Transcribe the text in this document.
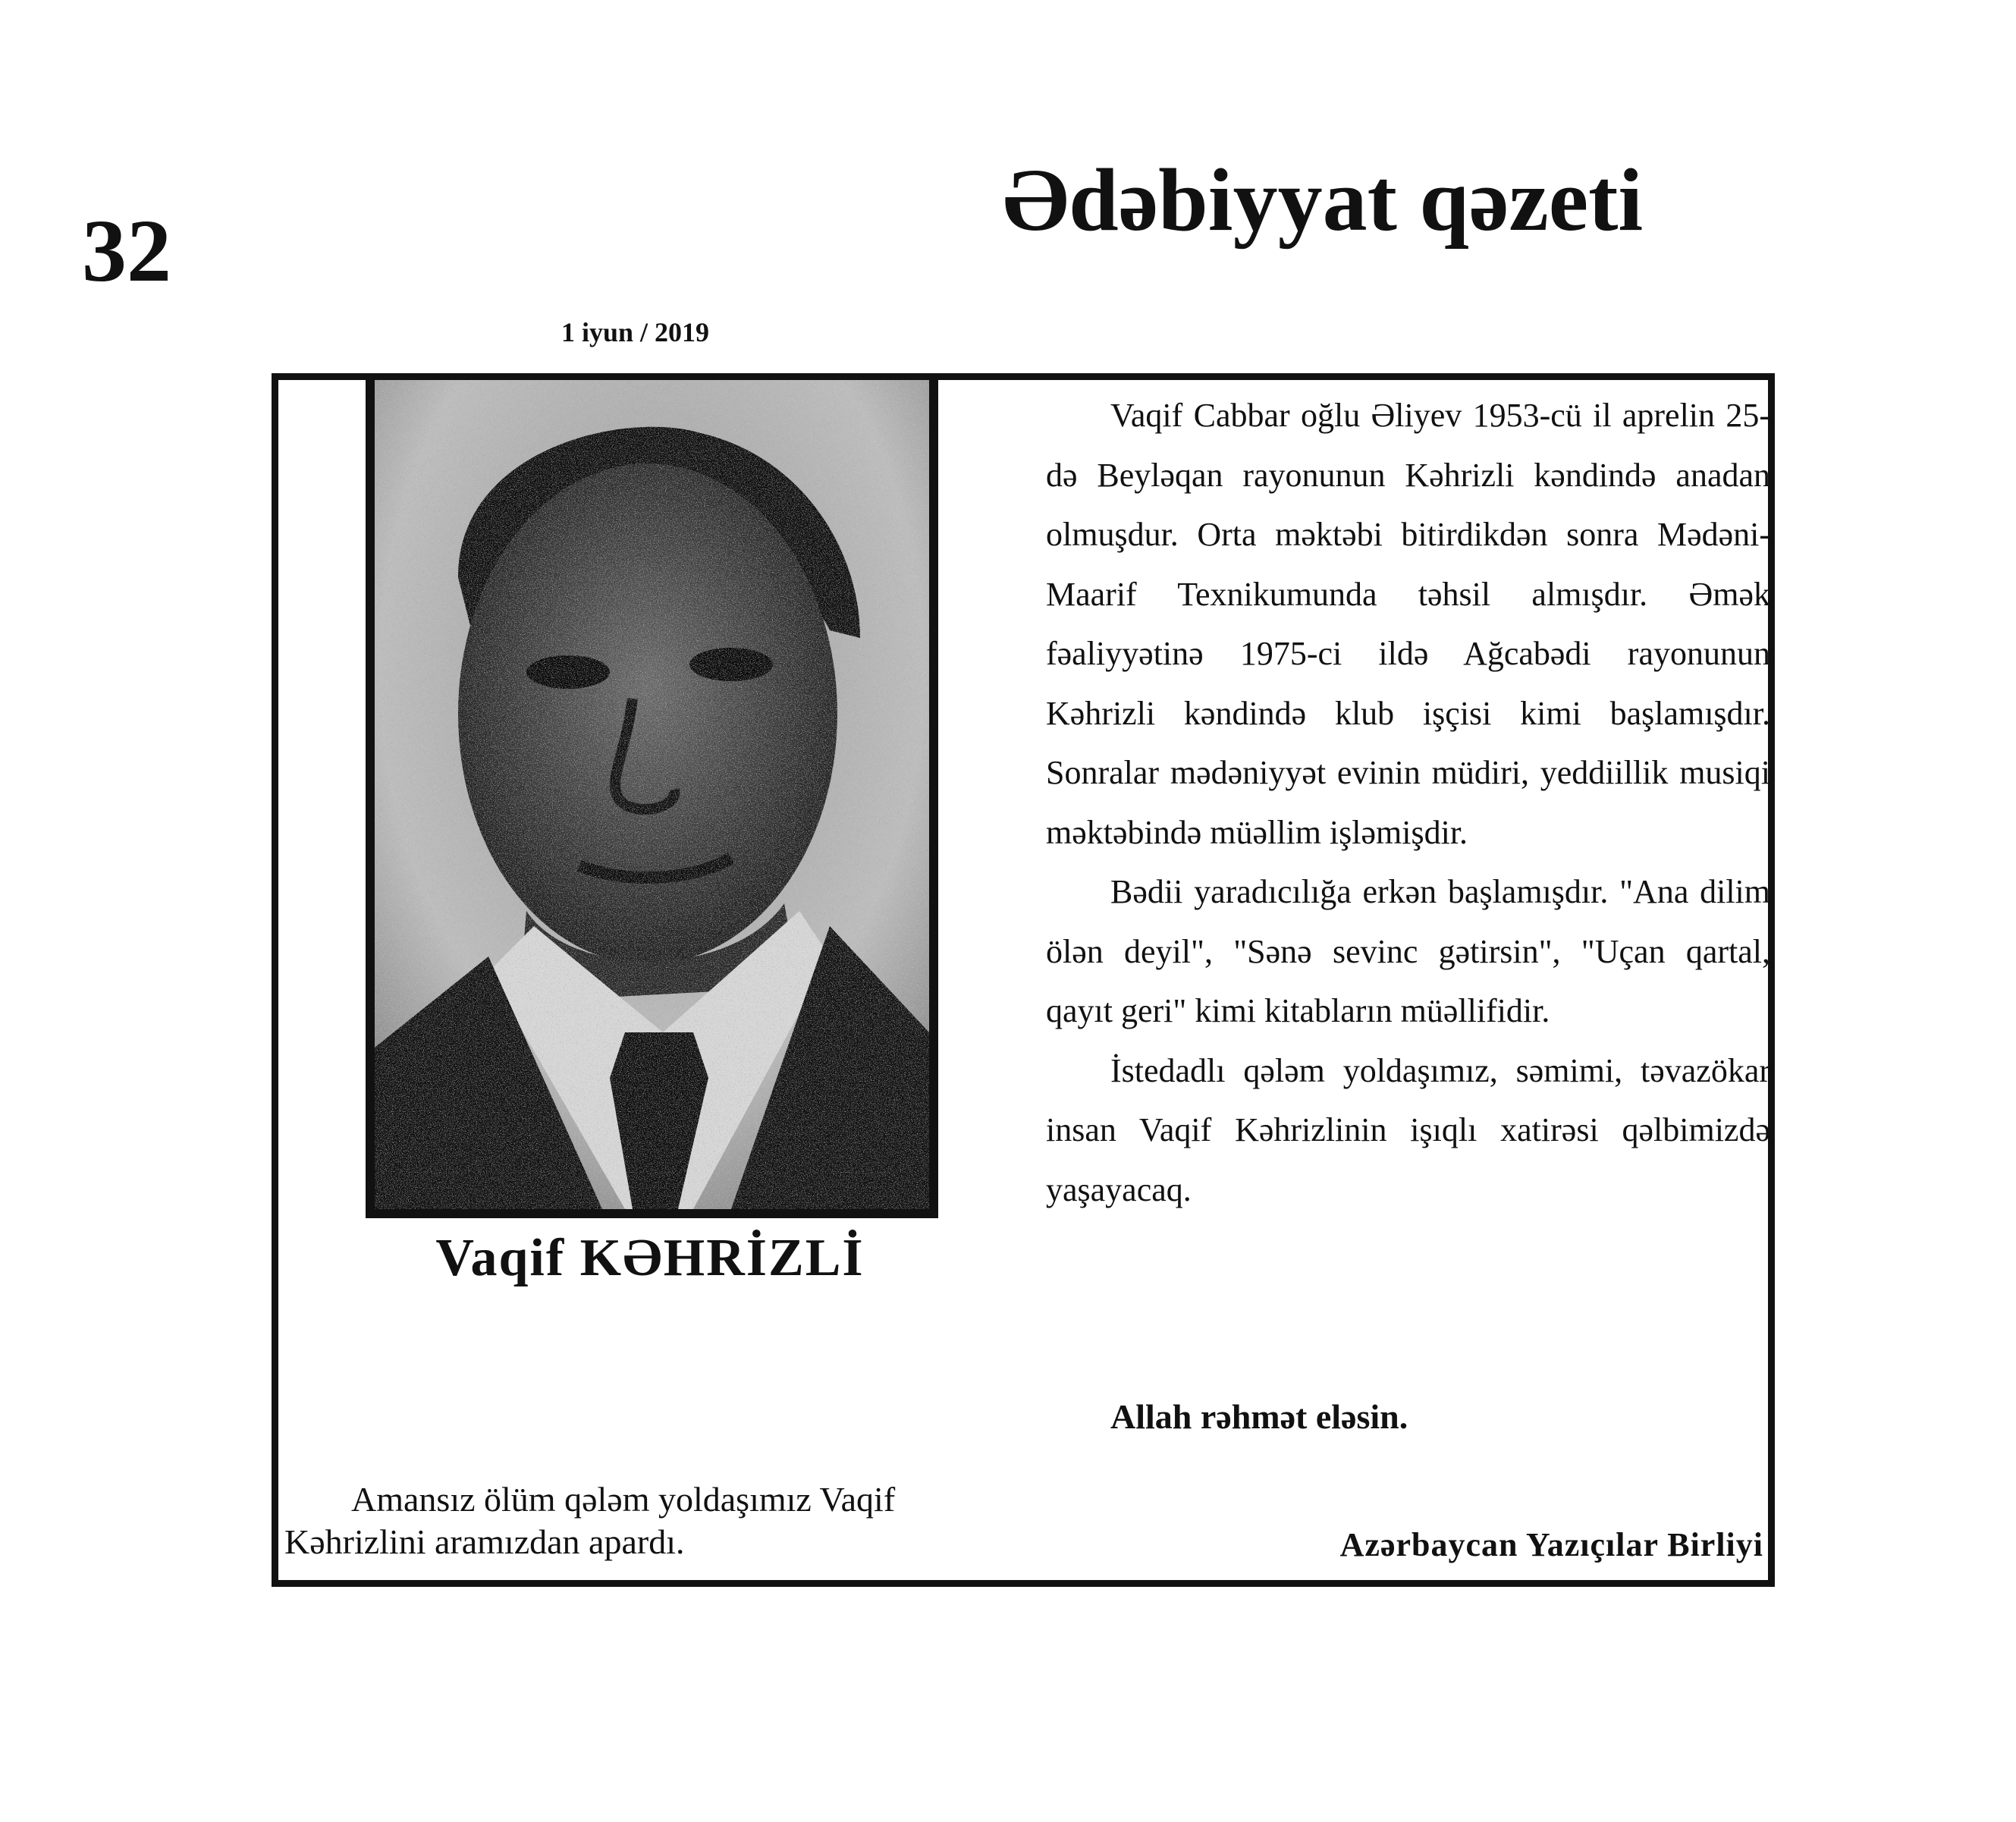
32
Ədəbiyyat qəzeti
1 iyun / 2019
Vaqif KƏHRİZLİ
Amansız ölüm qələm yoldaşımız Vaqif
Kəhrizlini aramızdan apardı.

Vaqif Cabbar oğlu Əliyev 1953-cü il aprelin 25-də Beyləqan rayonunun Kəhrizli kəndində anadan olmuşdur. Orta məktəbi bitirdikdən sonra Mədəni-Maarif Texnikumunda təhsil almışdır. Əmək fəaliyyətinə 1975-ci ildə Ağcabədi rayonunun Kəhrizli kəndində klub işçisi kimi başlamışdır. Sonralar mədəniyyət evinin müdiri, yeddiillik musiqi məktəbində müəllim işləmişdir.

Bədii yaradıcılığa erkən başlamışdır. "Ana dilim ölən deyil", "Sənə sevinc gətirsin", "Uçan qartal, qayıt geri" kimi kitabların müəllifidir.

İstedadlı qələm yoldaşımız, səmimi, təvazökar insan Vaqif Kəhrizlinin işıqlı xatirəsi qəlbimizdə yaşayacaq.

Allah rəhmət eləsin.
Azərbaycan Yazıçılar Birliyi
